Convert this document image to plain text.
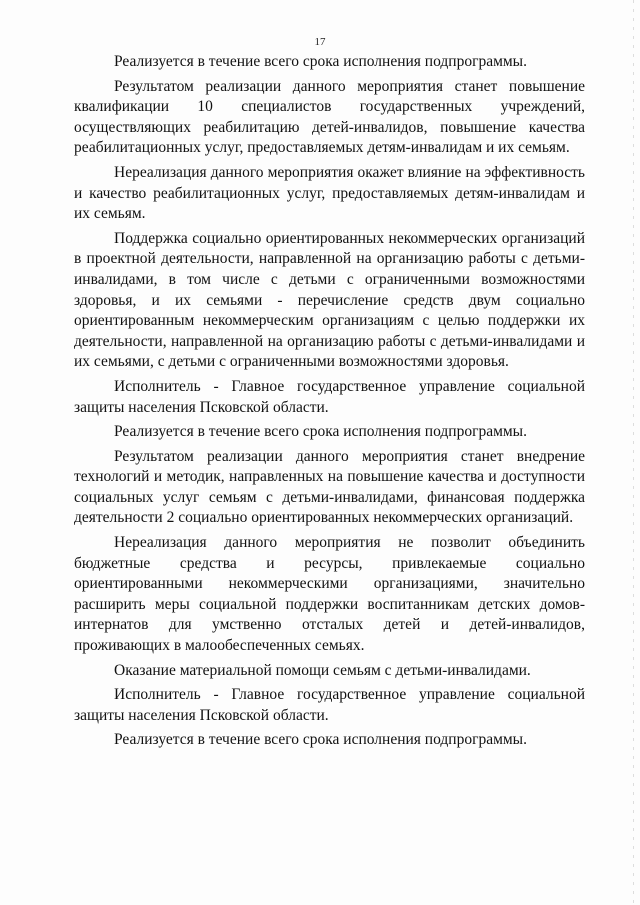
17

Реализуется в течение всего срока исполнения подпрограммы.

Результатом реализации данного мероприятия станет повышение квалификации 10 специалистов государственных учреждений, осуществляющих реабилитацию детей-инвалидов, повышение качества реабилитационных услуг, предоставляемых детям-инвалидам и их семьям.

Нереализация данного мероприятия окажет влияние на эффективность и качество реабилитационных услуг, предоставляемых детям-инвалидам и их семьям.

Поддержка социально ориентированных некоммерческих организаций в проектной деятельности, направленной на организацию работы с детьми-инвалидами, в том числе с детьми с ограниченными возможностями здоровья, и их семьями - перечисление средств двум социально ориентированным некоммерческим организациям с целью поддержки их деятельности, направленной на организацию работы с детьми-инвалидами и их семьями, с детьми с ограниченными возможностями здоровья.

Исполнитель - Главное государственное управление социальной защиты населения Псковской области.

Реализуется в течение всего срока исполнения подпрограммы.

Результатом реализации данного мероприятия станет внедрение технологий и методик, направленных на повышение качества и доступности социальных услуг семьям с детьми-инвалидами, финансовая поддержка деятельности 2 социально ориентированных некоммерческих организаций.

Нереализация данного мероприятия не позволит объединить бюджетные средства и ресурсы, привлекаемые социально ориентированными некоммерческими организациями, значительно расширить меры социальной поддержки воспитанникам детских домов-интернатов для умственно отсталых детей и детей-инвалидов, проживающих в малообеспеченных семьях.

Оказание материальной помощи семьям с детьми-инвалидами.

Исполнитель - Главное государственное управление социальной защиты населения Псковской области.

Реализуется в течение всего срока исполнения подпрограммы.
